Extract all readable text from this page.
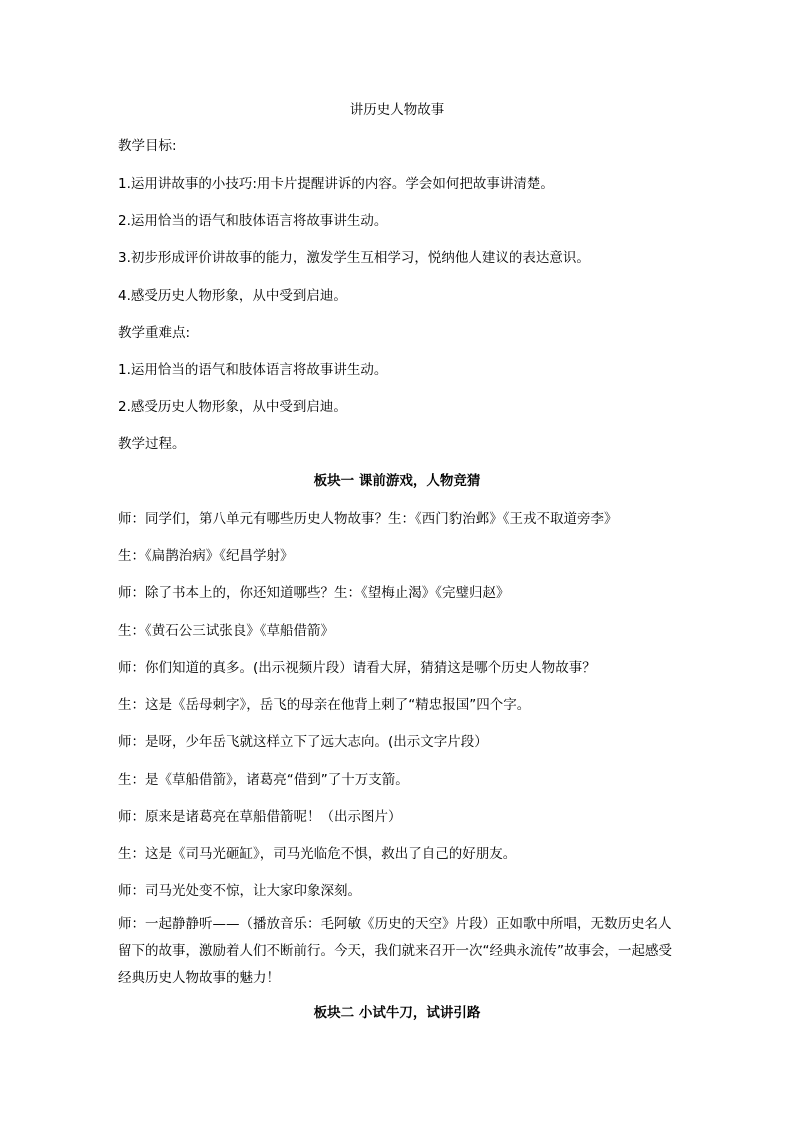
讲历史人物故事
教学目标:
1.运用讲故事的小技巧:用卡片提醒讲诉的内容。学会如何把故事讲清楚。
2.运用恰当的语气和肢体语言将故事讲生动。
3.初步形成评价讲故事的能力，激发学生互相学习，悦纳他人建议的表达意识。
4.感受历史人物形象，从中受到启迪。
教学重难点:
1.运用恰当的语气和肢体语言将故事讲生动。
2.感受历史人物形象，从中受到启迪。
教学过程。
板块一 课前游戏，人物竞猜
师：同学们，第八单元有哪些历史人物故事？生：《西门豹治邺》《王戎不取道旁李》
生：《扁鹊治病》《纪昌学射》
师：除了书本上的，你还知道哪些？生：《望梅止渴》《完璧归赵》
生：《黄石公三试张良》《草船借箭》
师：你们知道的真多。(出示视频片段）请看大屏，猜猜这是哪个历史人物故事？
生：这是《岳母刺字》，岳飞的母亲在他背上刺了“精忠报国”四个字。
师：是呀，少年岳飞就这样立下了远大志向。(出示文字片段）
生：是《草船借箭》，诸葛亮“借到”了十万支箭。
师：原来是诸葛亮在草船借箭呢！（出示图片）
生：这是《司马光砸缸》，司马光临危不惧，救出了自己的好朋友。
师：司马光处变不惊，让大家印象深刻。
师：一起静静听——（播放音乐：毛阿敏《历史的天空》片段）正如歌中所唱，无数历史名人留下的故事，激励着人们不断前行。今天，我们就来召开一次“经典永流传”故事会，一起感受经典历史人物故事的魅力！
板块二 小试牛刀，试讲引路
